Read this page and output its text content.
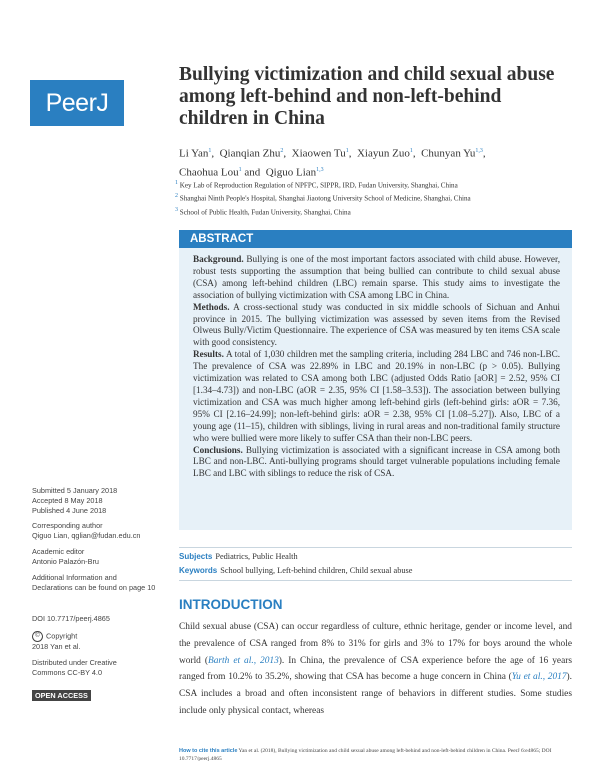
PeerJ
Bullying victimization and child sexual abuse among left-behind and non-left-behind children in China
Li Yan$^1$,  Qianqian Zhu$^2$,  Xiaowen Tu$^1$,  Xiayun Zuo$^1$,  Chunyan Yu$^{1,3}$,
Chaohua Lou$^1$ and  Qiguo Lian$^{1,3}$
$^1$ Key Lab of Reproduction Regulation of NPFPC, SIPPR, IRD, Fudan University, Shanghai, China
$^2$ Shanghai Ninth People's Hospital, Shanghai Jiaotong University School of Medicine, Shanghai, China
$^3$ School of Public Health, Fudan University, Shanghai, China
ABSTRACT

Background. Bullying is one of the most important factors associated with child abuse. However, robust tests supporting the assumption that being bullied can contribute to child sexual abuse (CSA) among left-behind children (LBC) remain sparse. This study aims to investigate the association of bullying victimization with CSA among LBC in China.

Methods. A cross-sectional study was conducted in six middle schools of Sichuan and Anhui province in 2015. The bullying victimization was assessed by seven items from the Revised Olweus Bully/Victim Questionnaire. The experience of CSA was measured by ten items CSA scale with good consistency.

Results. A total of 1,030 children met the sampling criteria, including 284 LBC and 746 non-LBC. The prevalence of CSA was 22.89% in LBC and 20.19% in non-LBC (p > 0.05). Bullying victimization was related to CSA among both LBC (adjusted Odds Ratio [aOR] = 2.52, 95% CI [1.34–4.73]) and non-LBC (aOR = 2.35, 95% CI [1.58–3.53]). The association between bullying victimization and CSA was much higher among left-behind girls (left-behind girls: aOR = 7.36, 95% CI [2.16–24.99]; non-left-behind girls: aOR = 2.38, 95% CI [1.08–5.27]). Also, LBC of a young age (11–15), children with siblings, living in rural areas and non-traditional family structure who were bullied were more likely to suffer CSA than their non-LBC peers.

Conclusions. Bullying victimization is associated with a significant increase in CSA among both LBC and non-LBC. Anti-bullying programs should target vulnerable populations including female LBC and LBC with siblings to reduce the risk of CSA.

Subjects Pediatrics, Public Health
Keywords School bullying, Left-behind children, Child sexual abuse
Submitted 5 January 2018
Accepted 8 May 2018
Published 4 June 2018
Corresponding author
Qiguo Lian, qglian@fudan.edu.cn
Academic editor
Antonio Palazón-Bru
Additional Information and Declarations can be found on page 10
DOI 10.7717/peerj.4865
© Copyright
2018 Yan et al.
Distributed under Creative Commons CC-BY 4.0
OPEN ACCESS
INTRODUCTION

Child sexual abuse (CSA) can occur regardless of culture, ethnic heritage, gender or income level, and the prevalence of CSA ranged from 8% to 31% for girls and 3% to 17% for boys around the whole world (Barth et al., 2013). In China, the prevalence of CSA experience before the age of 16 years ranged from 10.2% to 35.2%, showing that CSA has become a huge concern in China (Yu et al., 2017). CSA includes a broad and often inconsistent range of behaviors in different studies. Some studies include only physical contact, whereas

How to cite this article Yan et al. (2018), Bullying victimization and child sexual abuse among left-behind and non-left-behind children in China. PeerJ 6:e4865; DOI 10.7717/peerj.4865
